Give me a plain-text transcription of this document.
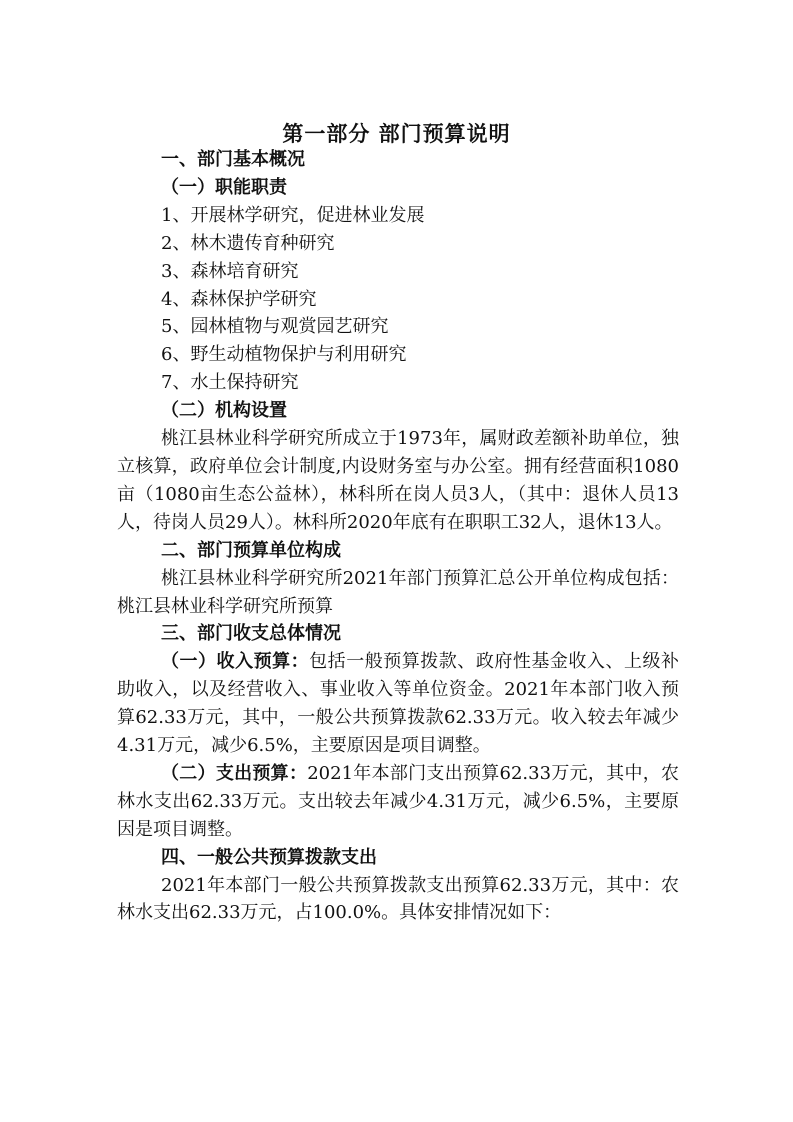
第一部分 部门预算说明

一、部门基本概况

（一）职能职责

1、开展林学研究，促进林业发展

2、林木遗传育种研究

3、森林培育研究

4、森林保护学研究

5、园林植物与观赏园艺研究

6、野生动植物保护与利用研究

7、水土保持研究

（二）机构设置

桃江县林业科学研究所成立于1973年，属财政差额补助单位，独立核算，政府单位会计制度,内设财务室与办公室。拥有经营面积1080亩（1080亩生态公益林），林科所在岗人员3人，（其中：退休人员13人，待岗人员29人）。林科所2020年底有在职职工32人，退休13人。

二、部门预算单位构成

桃江县林业科学研究所2021年部门预算汇总公开单位构成包括：桃江县林业科学研究所预算

三、部门收支总体情况

（一）收入预算：包括一般预算拨款、政府性基金收入、上级补助收入，以及经营收入、事业收入等单位资金。2021年本部门收入预算62.33万元，其中，一般公共预算拨款62.33万元。收入较去年减少4.31万元，减少6.5%，主要原因是项目调整。

（二）支出预算：2021年本部门支出预算62.33万元，其中，农林水支出62.33万元。支出较去年减少4.31万元，减少6.5%，主要原因是项目调整。

四、一般公共预算拨款支出

2021年本部门一般公共预算拨款支出预算62.33万元，其中：农林水支出62.33万元，占100.0%。具体安排情况如下：
